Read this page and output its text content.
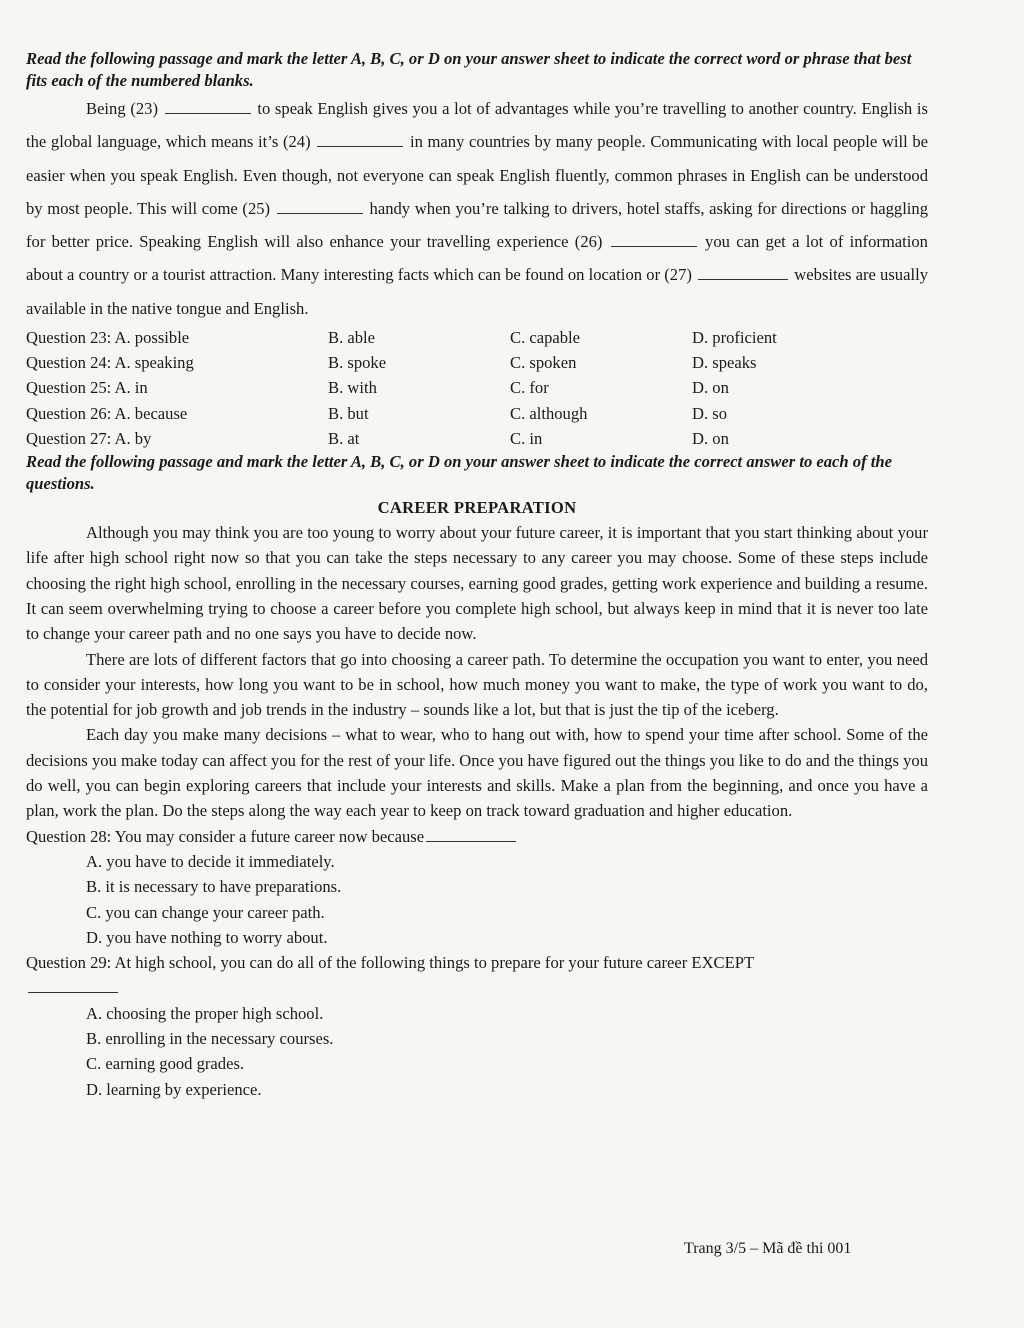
Read the following passage and mark the letter A, B, C, or D on your answer sheet to indicate the correct word or phrase that best fits each of the numbered blanks.

Being (23)	to speak English gives you a lot of advantages while you’re travelling to another country. English is the global language, which means it’s (24)	in many countries by many people. Communicating with local people will be easier when you speak English. Even though, not everyone can speak English fluently, common phrases in English can be understood by most people. This will come (25)	handy when you’re talking to drivers, hotel staffs, asking for directions or haggling for better price. Speaking English will also enhance your travelling experience (26)	you can get a lot of information about a country or a tourist attraction. Many interesting facts which can be found on location or (27)	websites are usually available in the native tongue and English.

Question 23: A. possible	B. able	C. capable	D. proficient
Question 24: A. speaking	B. spoke	C. spoken	D. speaks
Question 25: A. in	B. with	C. for	D. on
Question 26: A. because	B. but	C. although	D. so
Question 27: A. by	B. at	C. in	D. on

Read the following passage and mark the letter A, B, C, or D on your answer sheet to indicate the correct answer to each of the questions.

CAREER PREPARATION

Although you may think you are too young to worry about your future career, it is important that you start thinking about your life after high school right now so that you can take the steps necessary to any career you may choose. Some of these steps include choosing the right high school, enrolling in the necessary courses, earning good grades, getting work experience and building a resume. It can seem overwhelming trying to choose a career before you complete high school, but always keep in mind that it is never too late to change your career path and no one says you have to decide now.

There are lots of different factors that go into choosing a career path. To determine the occupation you want to enter, you need to consider your interests, how long you want to be in school, how much money you want to make, the type of work you want to do, the potential for job growth and job trends in the industry – sounds like a lot, but that is just the tip of the iceberg.

Each day you make many decisions – what to wear, who to hang out with, how to spend your time after school. Some of the decisions you make today can affect you for the rest of your life. Once you have figured out the things you like to do and the things you do well, you can begin exploring careers that include your interests and skills. Make a plan from the beginning, and once you have a plan, work the plan. Do the steps along the way each year to keep on track toward graduation and higher education.

Question 28: You may consider a future career now because

A. you have to decide it immediately.
B. it is necessary to have preparations.
C. you can change your career path.
D. you have nothing to worry about.

Question 29: At high school, you can do all of the following things to prepare for your future career EXCEPT

A. choosing the proper high school.
B. enrolling in the necessary courses.
C. earning good grades.
D. learning by experience.
Trang 3/5 – Mã đề thi 001
